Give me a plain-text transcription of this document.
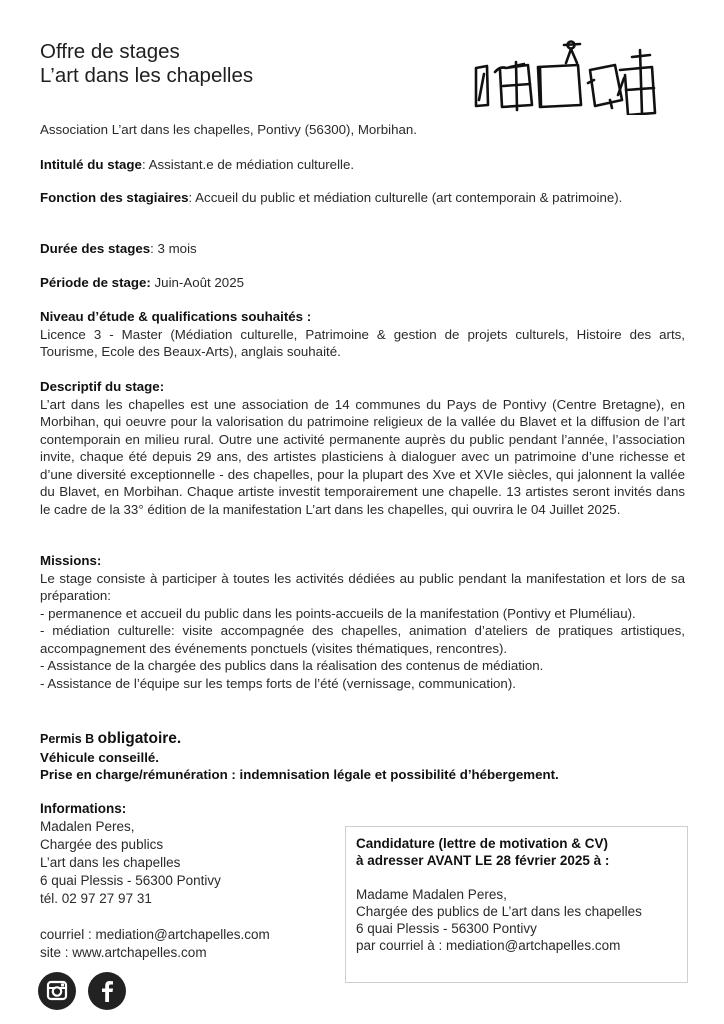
Offre de stages
L’art dans les chapelles
Association L’art dans les chapelles, Pontivy (56300), Morbihan.
Intitulé du stage: Assistant.e de médiation culturelle.
Fonction des stagiaires: Accueil du public et médiation culturelle (art contemporain & patrimoine).
Durée des stages: 3 mois
Période de stage: Juin-Août 2025
Niveau d’étude & qualifications souhaités :
Licence 3 - Master (Médiation culturelle, Patrimoine & gestion de projets culturels, Histoire des arts, Tourisme, Ecole des Beaux-Arts), anglais souhaité.
Descriptif du stage:
L’art dans les chapelles est une association de 14 communes du Pays de Pontivy (Centre Bretagne), en Morbihan, qui oeuvre pour la valorisation du patrimoine religieux de la vallée du Blavet et la diffusion de l’art contemporain en milieu rural. Outre une activité permanente auprès du public pendant l’année, l’association invite, chaque été depuis 29 ans, des artistes plasticiens à dialoguer avec un patrimoine d’une richesse et d’une diversité exceptionnelle - des chapelles, pour la plupart des Xve et XVIe siècles, qui jalonnent la vallée du Blavet, en Morbihan. Chaque artiste investit temporairement une chapelle. 13 artistes seront invités dans le cadre de la 33° édition de la manifestation L’art dans les chapelles, qui ouvrira le 04 Juillet 2025.
Missions:
Le stage consiste à participer à toutes les activités dédiées au public pendant la manifestation et lors de sa préparation:
- permanence et accueil du public dans les points-accueils de la manifestation (Pontivy et Pluméliau).
- médiation culturelle: visite accompagnée des chapelles, animation d’ateliers de pratiques artistiques, accompagnement des événements ponctuels (visites thématiques, rencontres).
- Assistance de la chargée des publics dans la réalisation des contenus de médiation.
- Assistance de l’équipe sur les temps forts de l’été (vernissage, communication).
Permis B obligatoire.
Véhicule conseillé.
Prise en charge/rémunération : indemnisation légale et possibilité d’hébergement.
Informations:
Madalen Peres,
Chargée des publics
L’art dans les chapelles
6 quai Plessis - 56300 Pontivy
tél. 02 97 27 97 31
courriel : mediation@artchapelles.com
site : www.artchapelles.com
Candidature (lettre de motivation & CV)
à adresser AVANT LE 28 février 2025 à :
Madame Madalen Peres,
Chargée des publics de L’art dans les chapelles
6 quai Plessis - 56300 Pontivy
par courriel à : mediation@artchapelles.com
